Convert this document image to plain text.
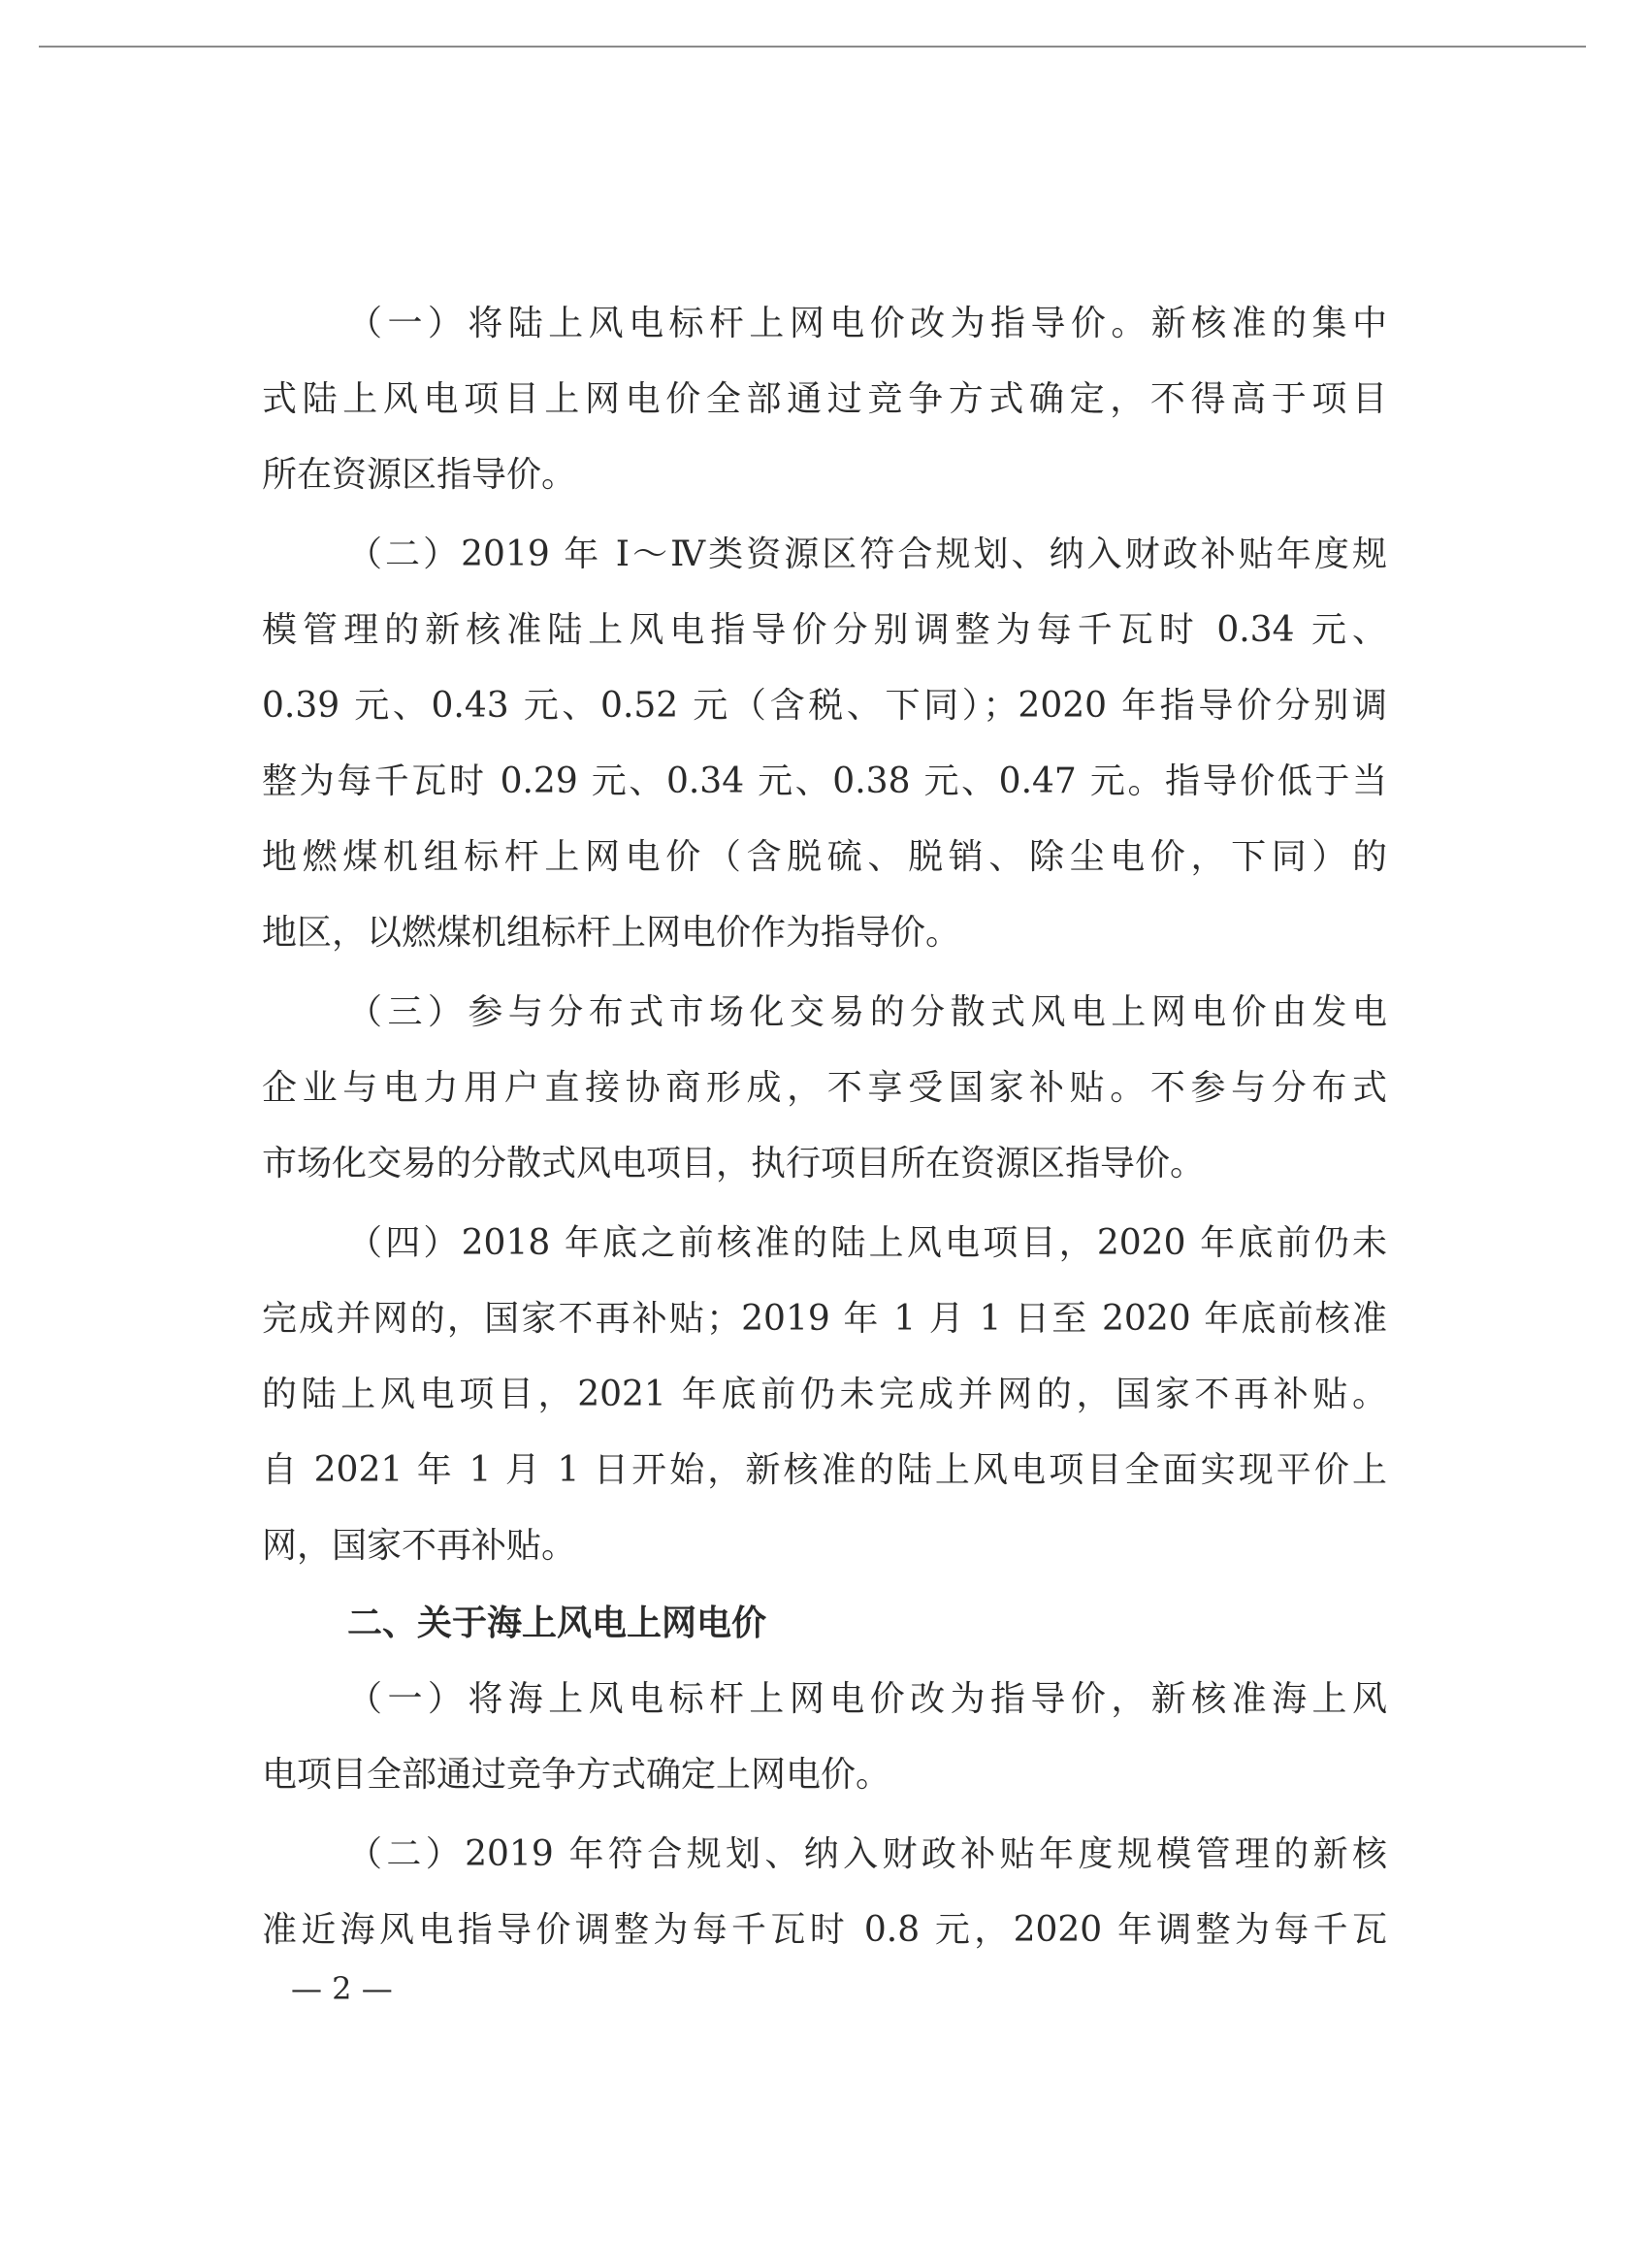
（一）将陆上风电标杆上网电价改为指导价。新核准的集中
式陆上风电项目上网电价全部通过竞争方式确定，不得高于项目
所在资源区指导价。
（二）2019 年 I～Ⅳ类资源区符合规划、纳入财政补贴年度规
模管理的新核准陆上风电指导价分别调整为每千瓦时 0.34 元、
0.39 元、0.43 元、0.52 元（含税、下同）；2020 年指导价分别调
整为每千瓦时 0.29 元、0.34 元、0.38 元、0.47 元。指导价低于当
地燃煤机组标杆上网电价（含脱硫、脱销、除尘电价，下同）的
地区，以燃煤机组标杆上网电价作为指导价。
（三）参与分布式市场化交易的分散式风电上网电价由发电
企业与电力用户直接协商形成，不享受国家补贴。不参与分布式
市场化交易的分散式风电项目，执行项目所在资源区指导价。
（四）2018 年底之前核准的陆上风电项目，2020 年底前仍未
完成并网的，国家不再补贴；2019 年 1 月 1 日至 2020 年底前核准
的陆上风电项目，2021 年底前仍未完成并网的，国家不再补贴。
自 2021 年 1 月 1 日开始，新核准的陆上风电项目全面实现平价上
网，国家不再补贴。
二、关于海上风电上网电价
（一）将海上风电标杆上网电价改为指导价，新核准海上风
电项目全部通过竞争方式确定上网电价。
（二）2019 年符合规划、纳入财政补贴年度规模管理的新核
准近海风电指导价调整为每千瓦时 0.8 元，2020 年调整为每千瓦
— 2 —
